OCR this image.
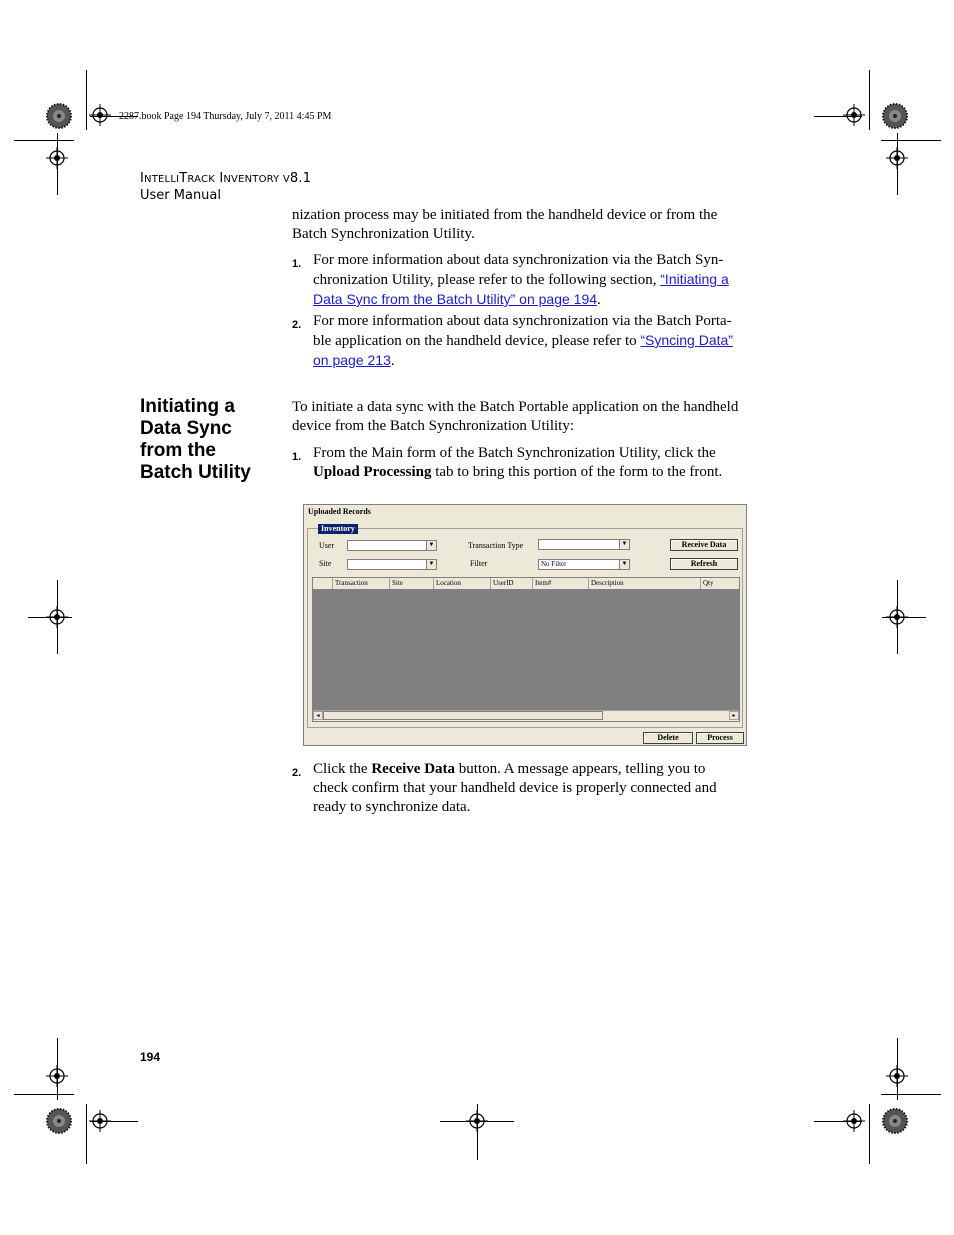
2287.book Page 194 Thursday, July 7, 2011 4:45 PM
INTELLITRACK INVENTORY V8.1
User Manual
nization process may be initiated from the handheld device or from the
Batch Synchronization Utility.
1. For more information about data synchronization via the Batch Syn-
chronization Utility, please refer to the following section, “Initiating a
Data Sync from the Batch Utility” on page 194.
2. For more information about data synchronization via the Batch Porta-
ble application on the handheld device, please refer to “Syncing Data”
on page 213.
Initiating a
Data Sync
from the
Batch Utility
To initiate a data sync with the Batch Portable application on the handheld
device from the Batch Synchronization Utility:
1. From the Main form of the Batch Synchronization Utility, click the
Upload Processing tab to bring this portion of the form to the front.
Uploaded Records
Inventory
User	▼
Site	▼
Transaction Type	▼
Filter	No Filter	▼
Receive Data
Refresh
Transaction	Site	Location	UserID	Item#	Description	Qty
◂	▸
Delete	Process
2. Click the Receive Data button. A message appears, telling you to
check confirm that your handheld device is properly connected and
ready to synchronize data.
194
